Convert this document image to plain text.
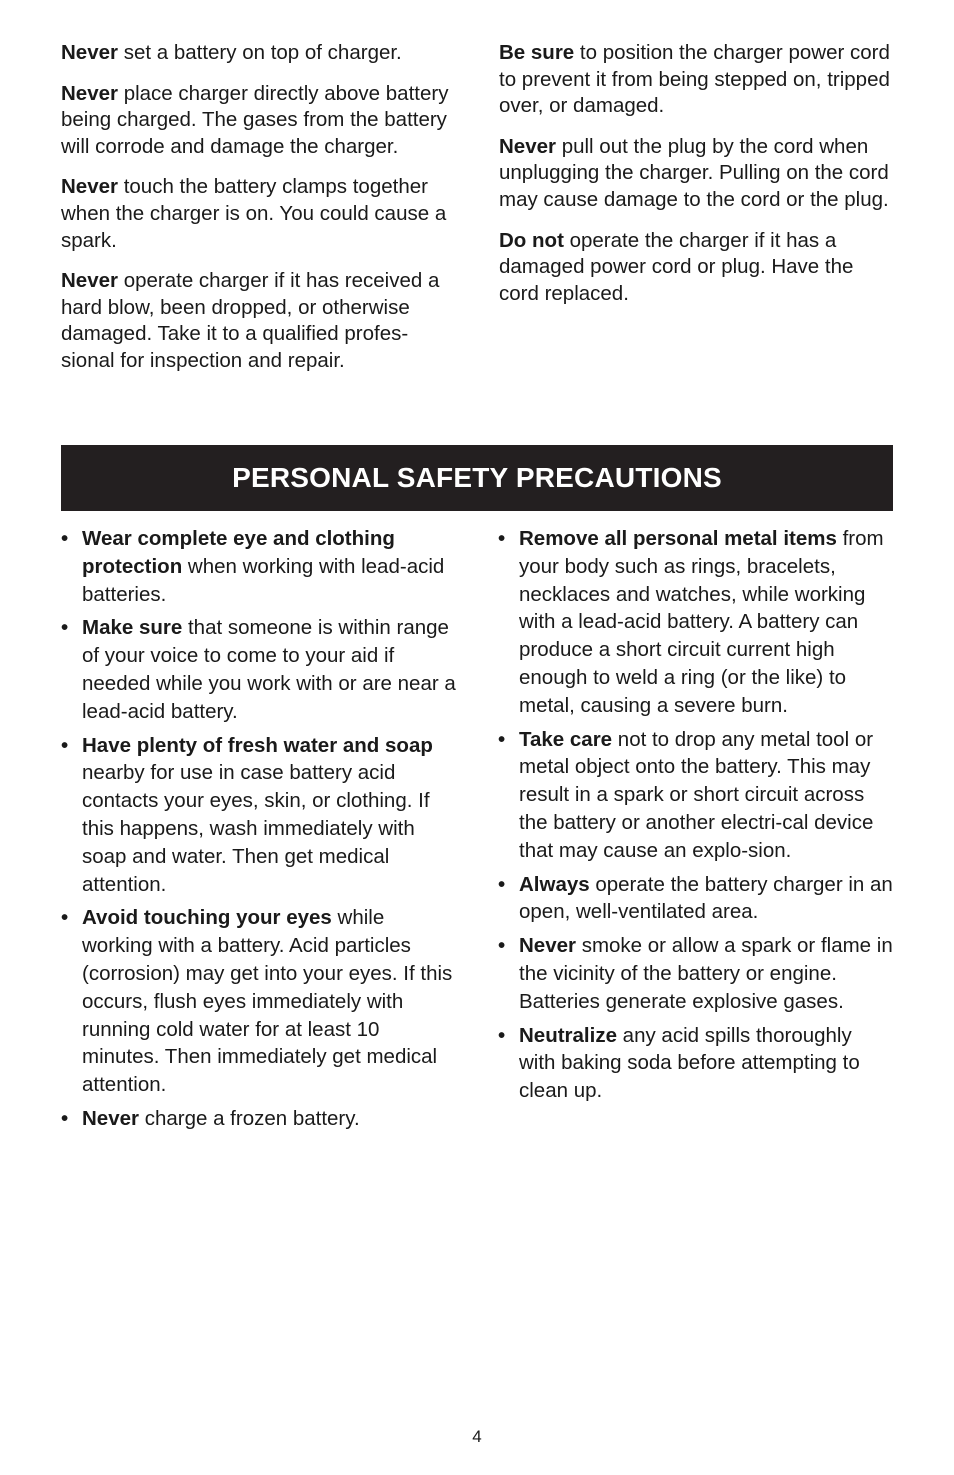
Never set a battery on top of charger.

Never place charger directly above battery being charged. The gases from the battery will corrode and damage the charger.

Never touch the battery clamps together when the charger is on. You could cause a spark.

Never operate charger if it has received a hard blow, been dropped, or otherwise damaged. Take it to a qualified profes-sional for inspection and repair.

Be sure to position the charger power cord to prevent it from being stepped on, tripped over, or damaged.

Never pull out the plug by the cord when unplugging the charger. Pulling on the cord may cause damage to the cord or the plug.

Do not operate the charger if it has a damaged power cord or plug. Have the cord replaced.

PERSONAL SAFETY PRECAUTIONS
• Wear complete eye and clothing protection when working with lead-acid batteries.
• Make sure that someone is within range of your voice to come to your aid if needed while you work with or are near a lead-acid battery.
• Have plenty of fresh water and soap nearby for use in case battery acid contacts your eyes, skin, or clothing. If this happens, wash immediately with soap and water. Then get medical attention.
• Avoid touching your eyes while working with a battery. Acid particles (corrosion) may get into your eyes. If this occurs, flush eyes immediately with running cold water for at least 10 minutes. Then immediately get medical attention.
• Never charge a frozen battery.
• Remove all personal metal items from your body such as rings, bracelets, necklaces and watches, while working with a lead-acid battery. A battery can produce a short circuit current high enough to weld a ring (or the like) to metal, causing a severe burn.
• Take care not to drop any metal tool or metal object onto the battery. This may result in a spark or short circuit across the battery or another electri-cal device that may cause an explo-sion.
• Always operate the battery charger in an open, well-ventilated area.
• Never smoke or allow a spark or flame in the vicinity of the battery or engine. Batteries generate explosive gases.
• Neutralize any acid spills thoroughly with baking soda before attempting to clean up.
4
